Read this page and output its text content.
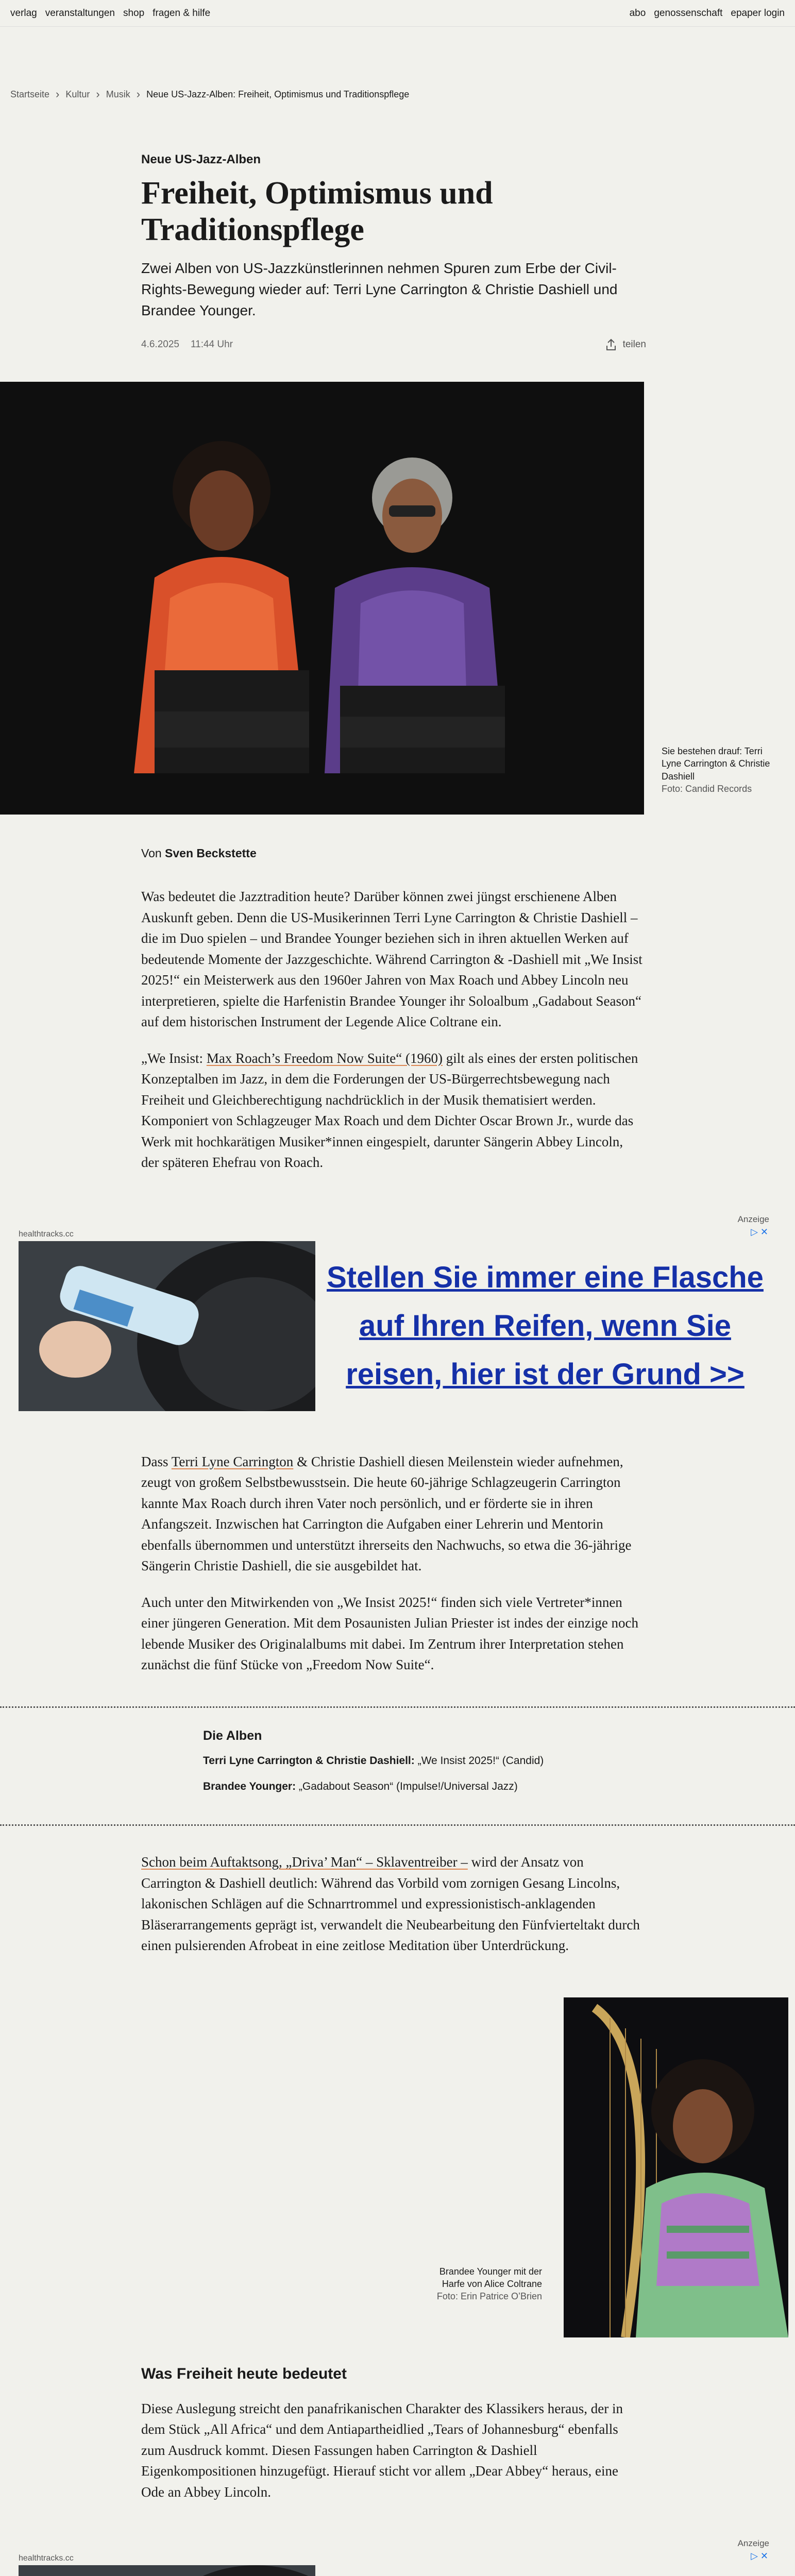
verlag veranstaltungen shop fragen & hilfe	abo genossenschaft epaper login
Startseite › Kultur › Musik › Neue US-Jazz-Alben: Freiheit, Optimismus und Traditionspflege
Neue US-Jazz-Alben
Freiheit, Optimismus und Traditionspflege

Zwei Alben von US-Jazzkünstlerinnen nehmen Spuren zum Erbe der Civil-Rights-Bewegung wieder auf: Terri Lyne Carrington & Christie Dashiell und Brandee Younger.

4.6.2025 11:44 Uhr	teilen
Sie bestehen drauf: Terri Lyne Carrington & Christie Dashiell
Foto: Candid Records
Von Sven Beckstette

Was bedeutet die Jazztradition heute? Darüber können zwei jüngst erschienene Alben Auskunft geben. Denn die US-Musikerinnen Terri Lyne Carrington & Christie Dashiell – die im Duo spielen – und Brandee Younger beziehen sich in ihren aktuellen Werken auf bedeutende Momente der Jazzgeschichte. Während Carrington & -Dashiell mit „We Insist 2025!“ ein Meisterwerk aus den 1960er Jahren von Max Roach und Abbey Lincoln neu interpretieren, spielte die Harfenistin Brandee Younger ihr Soloalbum „Gadabout Season“ auf dem historischen Instrument der Legende Alice Coltrane ein.

„We Insist: Max Roach’s Freedom Now Suite“ (1960) gilt als eines der ersten politischen Konzeptalben im Jazz, in dem die Forderungen der US-Bürgerrechtsbewegung nach Freiheit und Gleichberechtigung nachdrücklich in der Musik thematisiert werden. Komponiert von Schlagzeuger Max Roach und dem Dichter Oscar Brown Jr., wurde das Werk mit hochkarätigen Musiker*innen eingespielt, darunter Sängerin Abbey Lincoln, der späteren Ehefrau von Roach.

Anzeige
▷ ✕
healthtracks.cc
Stellen Sie immer eine Flasche auf Ihren Reifen, wenn Sie reisen, hier ist der Grund >>

Dass Terri Lyne Carrington & Christie Dashiell diesen Meilenstein wieder aufnehmen, zeugt von großem Selbstbewusstsein. Die heute 60-jährige Schlagzeugerin Carrington kannte Max Roach durch ihren Vater noch persönlich, und er förderte sie in ihren Anfangszeit. Inzwischen hat Carrington die Aufgaben einer Lehrerin und Mentorin ebenfalls übernommen und unterstützt ihrerseits den Nachwuchs, so etwa die 36-jährige Sängerin Christie Dashiell, die sie ausgebildet hat.

Auch unter den Mitwirkenden von „We Insist 2025!“ finden sich viele Vertreter*innen einer jüngeren Generation. Mit dem Posaunisten Julian Priester ist indes der einzige noch lebende Musiker des Originalalbums mit dabei. Im Zentrum ihrer Interpretation stehen zunächst die fünf Stücke von „Freedom Now Suite“.

Die Alben
Terri Lyne Carrington & Christie Dashiell: „We Insist 2025!“ (Candid)
Brandee Younger: „Gadabout Season“ (Impulse!/Universal Jazz)

Schon beim Auftaktsong, „Driva’ Man“ – Sklaventreiber – wird der Ansatz von Carrington & Dashiell deutlich: Während das Vorbild vom zornigen Gesang Lincolns, lakonischen Schlägen auf die Schnarrtrommel und expressionistisch-anklagenden Bläserarrangements geprägt ist, verwandelt die Neubearbeitung den Fünfvierteltakt durch einen pulsierenden Afrobeat in eine zeitlose Meditation über Unterdrückung.

Brandee Younger mit der Harfe von Alice Coltrane
Foto: Erin Patrice O’Brien
Was Freiheit heute bedeutet

Diese Auslegung streicht den panafrikanischen Charakter des Klassikers heraus, der in dem Stück „All Africa“ und dem Antiapartheidlied „Tears of Johannesburg“ ebenfalls zum Ausdruck kommt. Diesen Fassungen haben Carrington & Dashiell Eigenkompositionen hinzugefügt. Hierauf sticht vor allem „Dear Abbey“ heraus, eine Ode an Abbey Lincoln.

Anzeige
▷ ✕
healthtracks.cc
